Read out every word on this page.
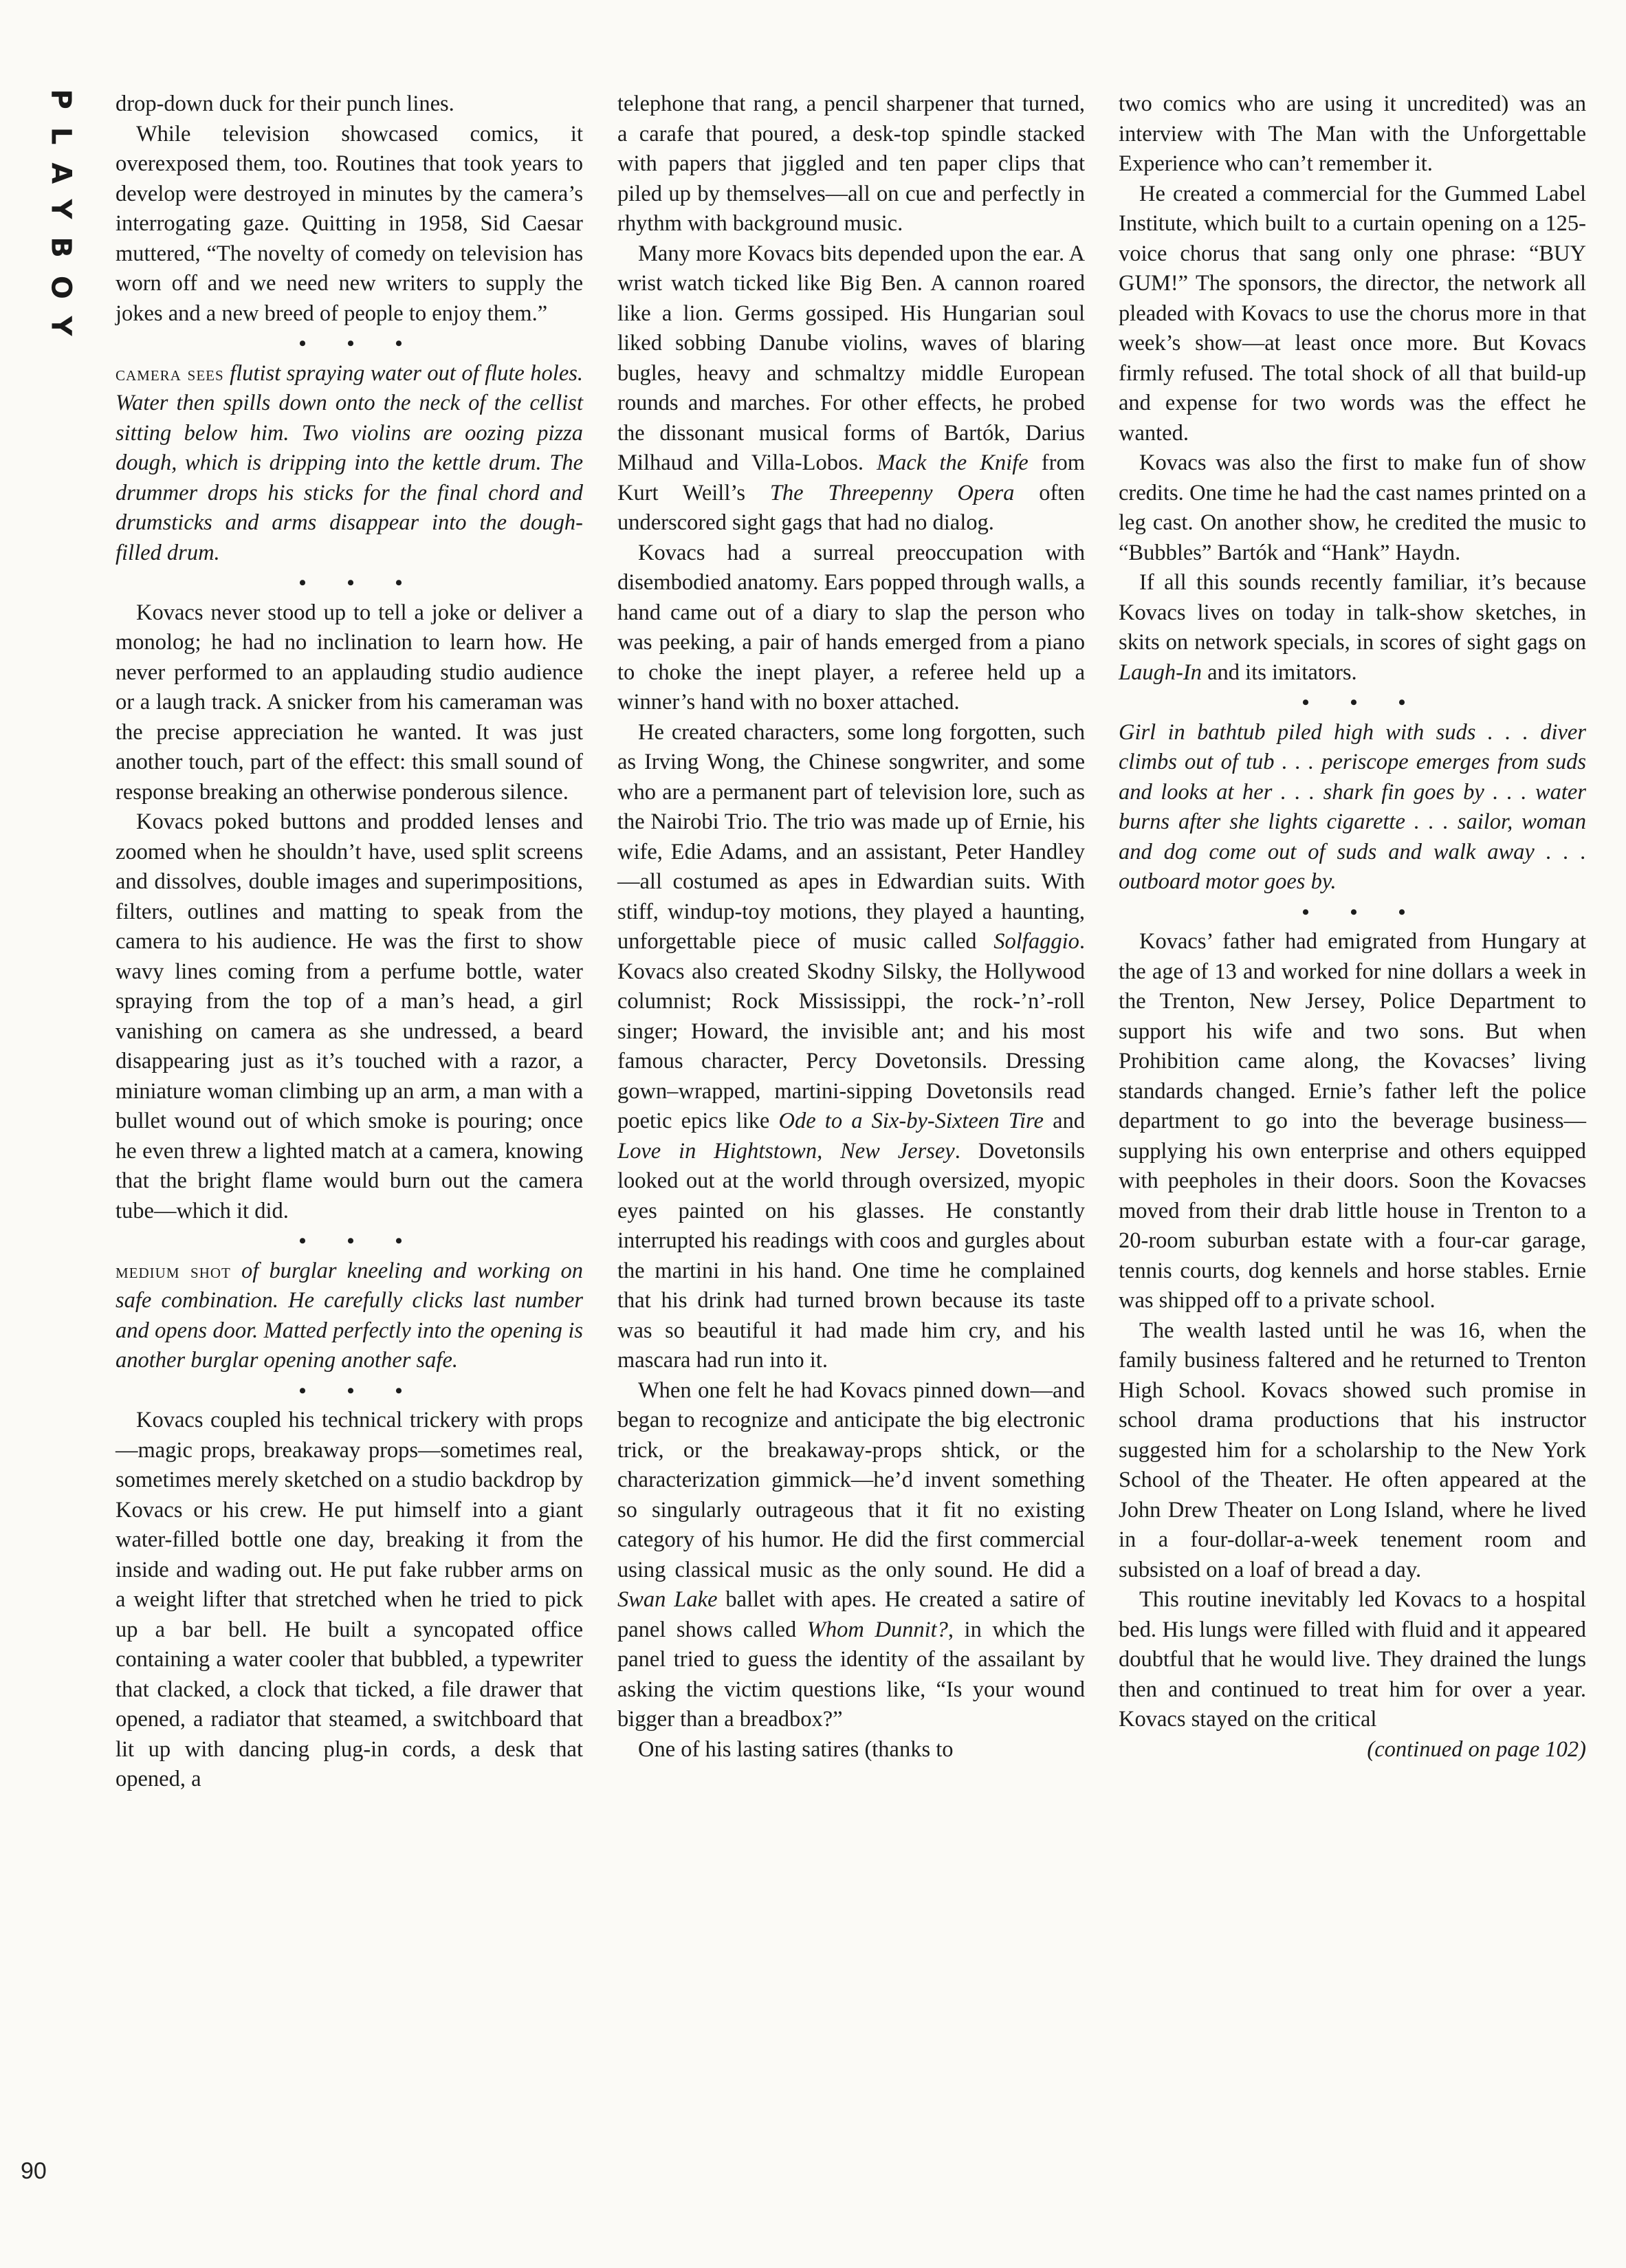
PLAYBOY drop-down duck for their punch lines.

While television showcased comics, it overexposed them, too. Routines that took years to develop were destroyed in minutes by the camera’s interrogating gaze. Quitting in 1958, Sid Caesar muttered, “The novelty of comedy on television has worn off and we need new writers to supply the jokes and a new breed of people to enjoy them.”

• • •

camera sees flutist spraying water out of flute holes. Water then spills down onto the neck of the cellist sitting below him. Two violins are oozing pizza dough, which is dripping into the kettle drum. The drummer drops his sticks for the final chord and drumsticks and arms disappear into the dough-filled drum.

• • •

Kovacs never stood up to tell a joke or deliver a monolog; he had no inclination to learn how. He never performed to an applauding studio audience or a laugh track. A snicker from his cameraman was the precise appreciation he wanted. It was just another touch, part of the effect: this small sound of response breaking an otherwise ponderous silence.

Kovacs poked buttons and prodded lenses and zoomed when he shouldn’t have, used split screens and dissolves, double images and superimpositions, filters, outlines and matting to speak from the camera to his audience. He was the first to show wavy lines coming from a perfume bottle, water spraying from the top of a man’s head, a girl vanishing on camera as she undressed, a beard disappearing just as it’s touched with a razor, a miniature woman climbing up an arm, a man with a bullet wound out of which smoke is pouring; once he even threw a lighted match at a camera, knowing that the bright flame would burn out the camera tube—which it did.

• • •

medium shot of burglar kneeling and working on safe combination. He carefully clicks last number and opens door. Matted perfectly into the opening is another burglar opening another safe.

• • •

Kovacs coupled his technical trickery with props—magic props, breakaway props—sometimes real, sometimes merely sketched on a studio backdrop by Kovacs or his crew. He put himself into a giant water-filled bottle one day, breaking it from the inside and wading out. He put fake rubber arms on a weight lifter that stretched when he tried to pick up a bar bell. He built a syncopated office containing a water cooler that bubbled, a typewriter that clacked, a clock that ticked, a file drawer that opened, a radiator that steamed, a switchboard that lit up with dancing plug-in cords, a desk that opened, a

telephone that rang, a pencil sharpener that turned, a carafe that poured, a desk-top spindle stacked with papers that jiggled and ten paper clips that piled up by themselves—all on cue and perfectly in rhythm with background music.

Many more Kovacs bits depended upon the ear. A wrist watch ticked like Big Ben. A cannon roared like a lion. Germs gossiped. His Hungarian soul liked sobbing Danube violins, waves of blaring bugles, heavy and schmaltzy middle European rounds and marches. For other effects, he probed the dissonant musical forms of Bartók, Darius Milhaud and Villa-Lobos. Mack the Knife from Kurt Weill’s The Threepenny Opera often underscored sight gags that had no dialog.

Kovacs had a surreal preoccupation with disembodied anatomy. Ears popped through walls, a hand came out of a diary to slap the person who was peeking, a pair of hands emerged from a piano to choke the inept player, a referee held up a winner’s hand with no boxer attached.

He created characters, some long forgotten, such as Irving Wong, the Chinese songwriter, and some who are a permanent part of television lore, such as the Nairobi Trio. The trio was made up of Ernie, his wife, Edie Adams, and an assistant, Peter Handley—all costumed as apes in Edwardian suits. With stiff, windup-toy motions, they played a haunting, unforgettable piece of music called Solfaggio. Kovacs also created Skodny Silsky, the Hollywood columnist; Rock Mississippi, the rock-’n’-roll singer; Howard, the invisible ant; and his most famous character, Percy Dovetonsils. Dressing gown–wrapped, martini-sipping Dovetonsils read poetic epics like Ode to a Six-by-Sixteen Tire and Love in Hightstown, New Jersey. Dovetonsils looked out at the world through oversized, myopic eyes painted on his glasses. He constantly interrupted his readings with coos and gurgles about the martini in his hand. One time he complained that his drink had turned brown because its taste was so beautiful it had made him cry, and his mascara had run into it.

When one felt he had Kovacs pinned down—and began to recognize and anticipate the big electronic trick, or the breakaway-props shtick, or the characterization gimmick—he’d invent something so singularly outrageous that it fit no existing category of his humor. He did the first commercial using classical music as the only sound. He did a Swan Lake ballet with apes. He created a satire of panel shows called Whom Dunnit?, in which the panel tried to guess the identity of the assailant by asking the victim questions like, “Is your wound bigger than a breadbox?”

One of his lasting satires (thanks to

two comics who are using it uncredited) was an interview with The Man with the Unforgettable Experience who can’t remember it.

He created a commercial for the Gummed Label Institute, which built to a curtain opening on a 125-voice chorus that sang only one phrase: “BUY GUM!” The sponsors, the director, the network all pleaded with Kovacs to use the chorus more in that week’s show—at least once more. But Kovacs firmly refused. The total shock of all that build-up and expense for two words was the effect he wanted.

Kovacs was also the first to make fun of show credits. One time he had the cast names printed on a leg cast. On another show, he credited the music to “Bubbles” Bartók and “Hank” Haydn.

If all this sounds recently familiar, it’s because Kovacs lives on today in talk-show sketches, in skits on network specials, in scores of sight gags on Laugh-In and its imitators.

• • •

Girl in bathtub piled high with suds . . . diver climbs out of tub . . . periscope emerges from suds and looks at her . . . shark fin goes by . . . water burns after she lights cigarette . . . sailor, woman and dog come out of suds and walk away . . . outboard motor goes by.

• • •

Kovacs’ father had emigrated from Hungary at the age of 13 and worked for nine dollars a week in the Trenton, New Jersey, Police Department to support his wife and two sons. But when Prohibition came along, the Kovacses’ living standards changed. Ernie’s father left the police department to go into the beverage business—supplying his own enterprise and others equipped with peepholes in their doors. Soon the Kovacses moved from their drab little house in Trenton to a 20-room suburban estate with a four-car garage, tennis courts, dog kennels and horse stables. Ernie was shipped off to a private school.

The wealth lasted until he was 16, when the family business faltered and he returned to Trenton High School. Kovacs showed such promise in school drama productions that his instructor suggested him for a scholarship to the New York School of the Theater. He often appeared at the John Drew Theater on Long Island, where he lived in a four-dollar-a-week tenement room and subsisted on a loaf of bread a day.

This routine inevitably led Kovacs to a hospital bed. His lungs were filled with fluid and it appeared doubtful that he would live. They drained the lungs then and continued to treat him for over a year. Kovacs stayed on the critical

(continued on page 102)

90
